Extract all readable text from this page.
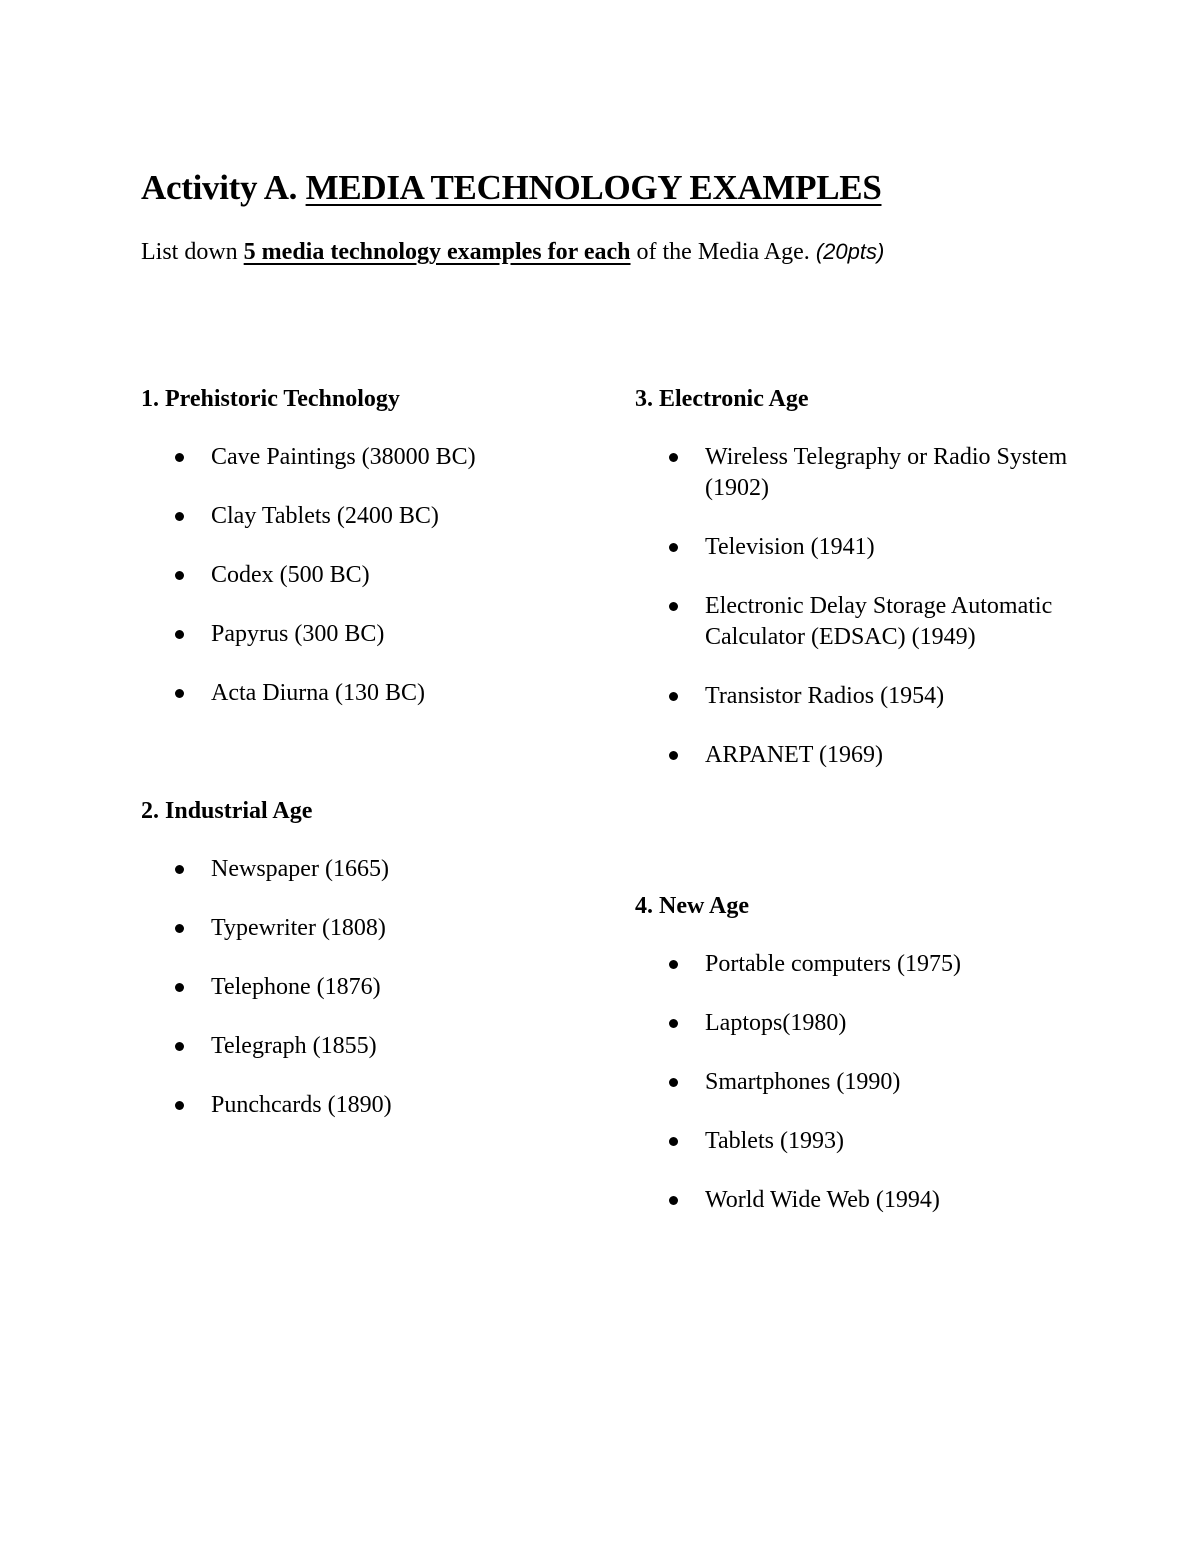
Activity A. MEDIA TECHNOLOGY EXAMPLES
List down 5 media technology examples for each of the Media Age. (20pts)

1. Prehistoric Technology

Cave Paintings (38000 BC)
Clay Tablets (2400 BC)
Codex (500 BC)
Papyrus (300 BC)
Acta Diurna (130 BC)

2. Industrial Age

Newspaper (1665)
Typewriter (1808)
Telephone (1876)
Telegraph (1855)
Punchcards (1890)

3. Electronic Age

Wireless Telegraphy or Radio System (1902)
Television (1941)
Electronic Delay Storage Automatic Calculator (EDSAC) (1949)
Transistor Radios (1954)
ARPANET (1969)

4. New Age

Portable computers (1975)
Laptops(1980)
Smartphones (1990)
Tablets (1993)
World Wide Web (1994)
